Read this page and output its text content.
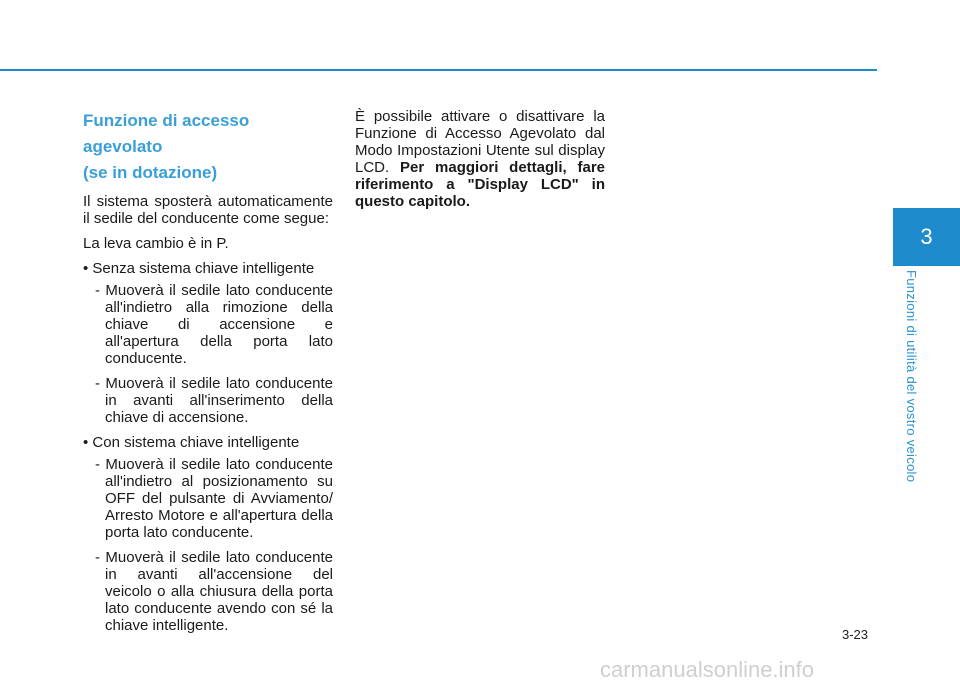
Funzione di accesso agevolato
(se in dotazione)

Il sistema sposterà automaticamente il sedile del conducente come segue:

La leva cambio è in P.

• Senza sistema chiave intelligente

- Muoverà il sedile lato conducente all'indietro alla rimozione della chiave di accensione e all'apertura della porta lato conducente.

- Muoverà il sedile lato conducente in avanti all'inserimento della chiave di accensione.

• Con sistema chiave intelligente

- Muoverà il sedile lato conducente all'indietro al posizionamento su OFF del pulsante di Avviamento/ Arresto Motore e all'apertura della porta lato conducente.

- Muoverà il sedile lato conducente in avanti all'accensione del veicolo o alla chiusura della porta lato conducente avendo con sé la chiave intelligente.

È possibile attivare o disattivare la Funzione di Accesso Agevolato dal Modo Impostazioni Utente sul display LCD. Per maggiori dettagli, fare riferimento a "Display LCD" in questo capitolo.

3
Funzioni di utilità del vostro veicolo
3-23
carmanualsonline.info
